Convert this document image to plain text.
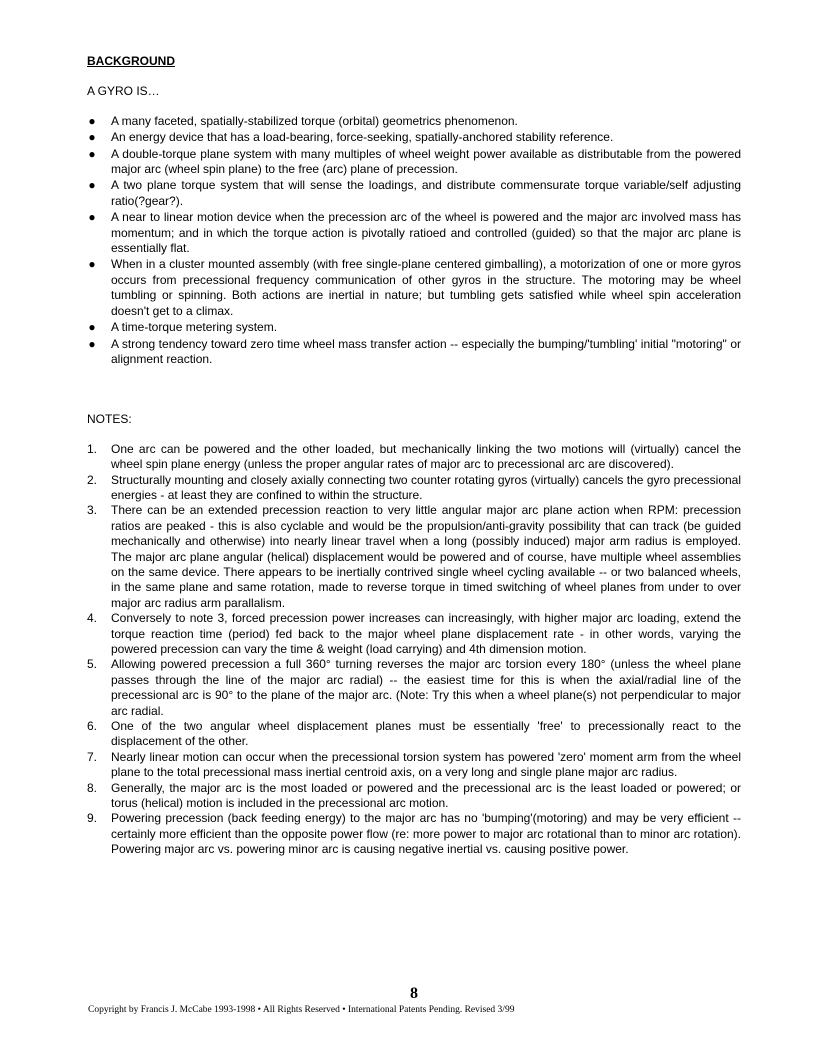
BACKGROUND

A GYRO IS…

● A many faceted, spatially-stabilized torque (orbital) geometrics phenomenon.
● An energy device that has a load-bearing, force-seeking, spatially-anchored stability reference.
● A double-torque plane system with many multiples of wheel weight power available as distributable from the powered major arc (wheel spin plane) to the free (arc) plane of precession.
● A two plane torque system that will sense the loadings, and distribute commensurate torque variable/self adjusting ratio(?gear?).
● A near to linear motion device when the precession arc of the wheel is powered and the major arc involved mass has momentum; and in which the torque action is pivotally ratioed and controlled (guided) so that the major arc plane is essentially flat.
● When in a cluster mounted assembly (with free single-plane centered gimballing), a motorization of one or more gyros occurs from precessional frequency communication of other gyros in the structure. The motoring may be wheel tumbling or spinning. Both actions are inertial in nature; but tumbling gets satisfied while wheel spin acceleration doesn't get to a climax.
● A time-torque metering system.
● A strong tendency toward zero time wheel mass transfer action -- especially the bumping/'tumbling' initial "motoring" or alignment reaction.

NOTES:

1.	One arc can be powered and the other loaded, but mechanically linking the two motions will (virtually) cancel the wheel spin plane energy (unless the proper angular rates of major arc to precessional arc are discovered).
2.	Structurally mounting and closely axially connecting two counter rotating gyros (virtually) cancels the gyro precessional energies - at least they are confined to within the structure.
3.	There can be an extended precession reaction to very little angular major arc plane action when RPM: precession ratios are peaked - this is also cyclable and would be the propulsion/anti-gravity possibility that can track (be guided mechanically and otherwise) into nearly linear travel when a long (possibly induced) major arm radius is employed. The major arc plane angular (helical) displacement would be powered and of course, have multiple wheel assemblies on the same device. There appears to be inertially contrived single wheel cycling available -- or two balanced wheels, in the same plane and same rotation, made to reverse torque in timed switching of wheel planes from under to over major arc radius arm parallalism.
4.	Conversely to note 3, forced precession power increases can increasingly, with higher major arc loading, extend the torque reaction time (period) fed back to the major wheel plane displacement rate - in other words, varying the powered precession can vary the time & weight (load carrying) and 4th dimension motion.
5.	Allowing powered precession a full 360° turning reverses the major arc torsion every 180° (unless the wheel plane passes through the line of the major arc radial) -- the easiest time for this is when the axial/radial line of the precessional arc is 90° to the plane of the major arc. (Note: Try this when a wheel plane(s) not perpendicular to major arc radial.
6.	One of the two angular wheel displacement planes must be essentially 'free' to precessionally react to the displacement of the other.
7.	Nearly linear motion can occur when the precessional torsion system has powered 'zero' moment arm from the wheel plane to the total precessional mass inertial centroid axis, on a very long and single plane major arc radius.
8.	Generally, the major arc is the most loaded or powered and the precessional arc is the least loaded or powered; or torus (helical) motion is included in the precessional arc motion.
9.	Powering precession (back feeding energy) to the major arc has no 'bumping'(motoring) and may be very efficient -- certainly more efficient than the opposite power flow (re: more power to major arc rotational than to minor arc rotation). Powering major arc vs. powering minor arc is causing negative inertial vs. causing positive power.
8
Copyright by Francis J. McCabe 1993-1998 • All Rights Reserved • International Patents Pending. Revised 3/99
